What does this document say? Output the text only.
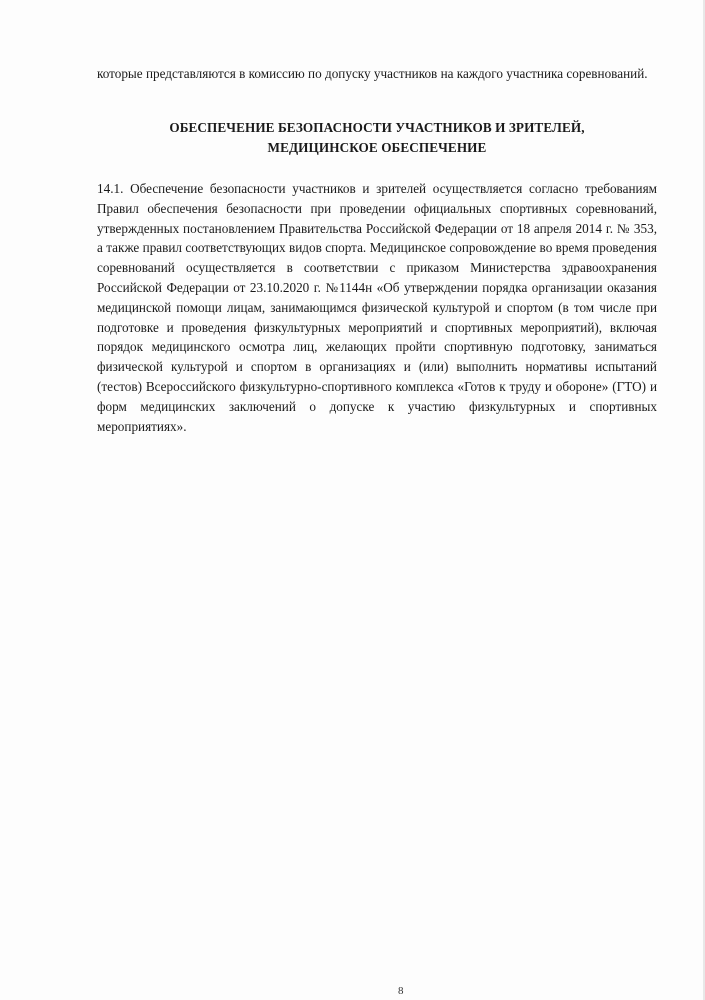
которые представляются в комиссию по допуску участников на каждого участника соревнований.

ОБЕСПЕЧЕНИЕ БЕЗОПАСНОСТИ УЧАСТНИКОВ И ЗРИТЕЛЕЙ,
МЕДИЦИНСКОЕ ОБЕСПЕЧЕНИЕ

14.1. Обеспечение безопасности участников и зрителей осуществляется согласно требованиям Правил обеспечения безопасности при проведении официальных спортивных соревнований, утвержденных постановлением Правительства Российской Федерации от 18 апреля 2014 г. № 353, а также правил соответствующих видов спорта. Медицинское сопровождение во время проведения соревнований осуществляется в соответствии с приказом Министерства здравоохранения Российской Федерации от 23.10.2020 г. №1144н «Об утверждении порядка организации оказания медицинской помощи лицам, занимающимся физической культурой и спортом (в том числе при подготовке и проведения физкультурных мероприятий и спортивных мероприятий), включая порядок медицинского осмотра лиц, желающих пройти спортивную подготовку, заниматься физической культурой и спортом в организациях и (или) выполнить нормативы испытаний (тестов) Всероссийского физкультурно-спортивного комплекса «Готов к труду и обороне» (ГТО) и форм медицинских заключений о допуске к участию физкультурных и спортивных мероприятиях».

8
